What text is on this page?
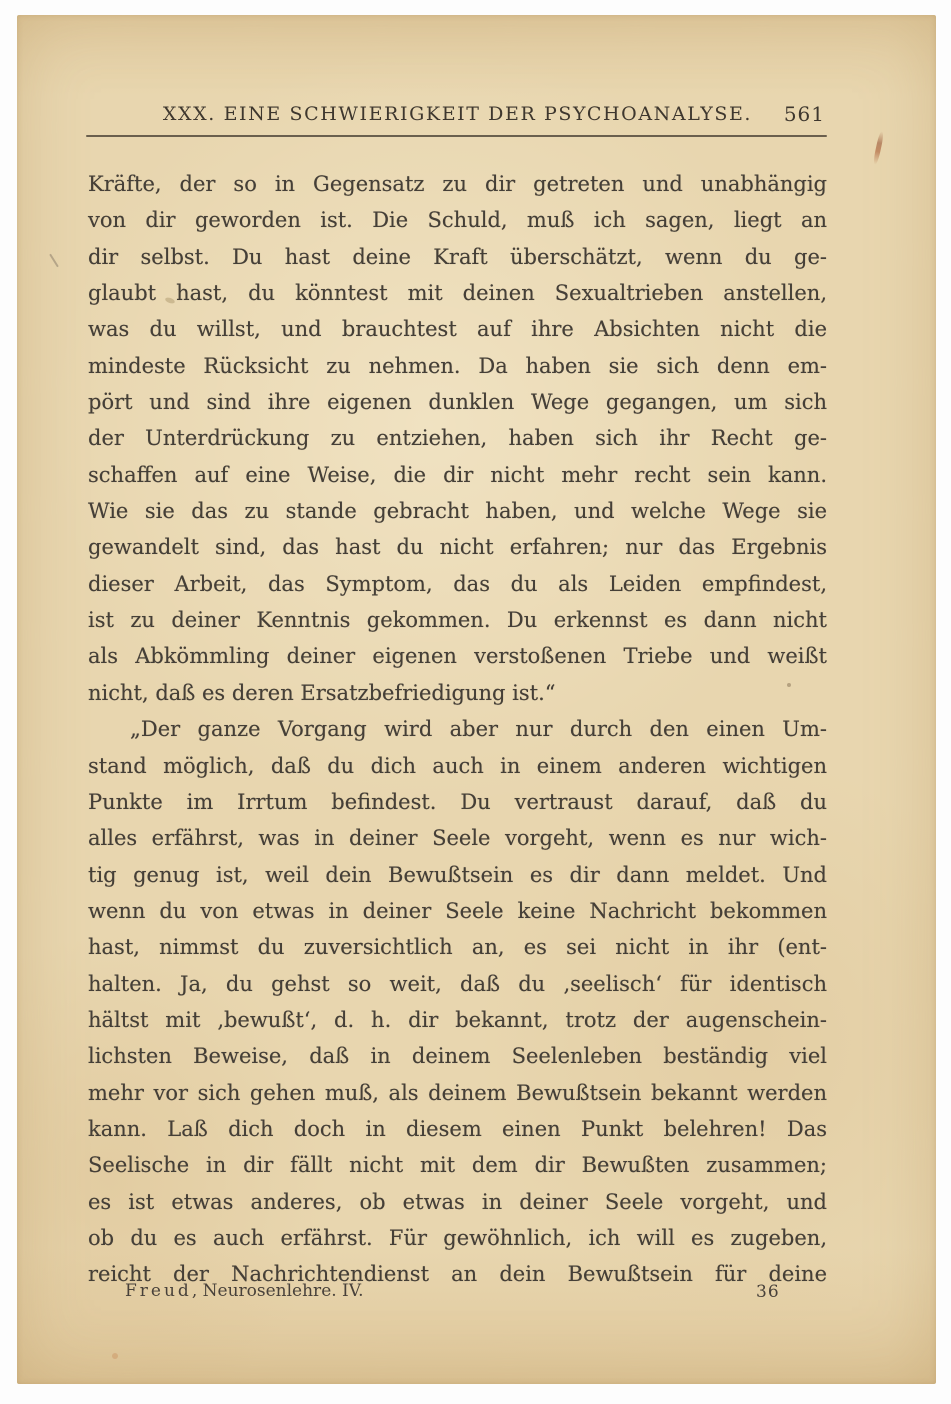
XXX. EINE SCHWIERIGKEIT DER PSYCHOANALYSE.	561
Kräfte, der so in Gegensatz zu dir getreten und unabhängig
von dir geworden ist. Die Schuld, muß ich sagen, liegt an
dir selbst. Du hast deine Kraft überschätzt, wenn du ge-
glaubt hast, du könntest mit deinen Sexualtrieben anstellen,
was du willst, und brauchtest auf ihre Absichten nicht die
mindeste Rücksicht zu nehmen. Da haben sie sich denn em-
pört und sind ihre eigenen dunklen Wege gegangen, um sich
der Unterdrückung zu entziehen, haben sich ihr Recht ge-
schaffen auf eine Weise, die dir nicht mehr recht sein kann.
Wie sie das zu stande gebracht haben, und welche Wege sie
gewandelt sind, das hast du nicht erfahren; nur das Ergebnis
dieser Arbeit, das Symptom, das du als Leiden empfindest,
ist zu deiner Kenntnis gekommen. Du erkennst es dann nicht
als Abkömmling deiner eigenen verstoßenen Triebe und weißt
nicht, daß es deren Ersatzbefriedigung ist.“
„Der ganze Vorgang wird aber nur durch den einen Um-
stand möglich, daß du dich auch in einem anderen wichtigen
Punkte im Irrtum befindest. Du vertraust darauf, daß du
alles erfährst, was in deiner Seele vorgeht, wenn es nur wich-
tig genug ist, weil dein Bewußtsein es dir dann meldet. Und
wenn du von etwas in deiner Seele keine Nachricht bekommen
hast, nimmst du zuversichtlich an, es sei nicht in ihr (ent-
halten. Ja, du gehst so weit, daß du ‚seelisch‘ für identisch
hältst mit ‚bewußt‘, d. h. dir bekannt, trotz der augenschein-
lichsten Beweise, daß in deinem Seelenleben beständig viel
mehr vor sich gehen muß, als deinem Bewußtsein bekannt werden
kann. Laß dich doch in diesem einen Punkt belehren! Das
Seelische in dir fällt nicht mit dem dir Bewußten zusammen;
es ist etwas anderes, ob etwas in deiner Seele vorgeht, und
ob du es auch erfährst. Für gewöhnlich, ich will es zugeben,
reicht der Nachrichtendienst an dein Bewußtsein für deine
Freud, Neurosenlehre. IV.	36
